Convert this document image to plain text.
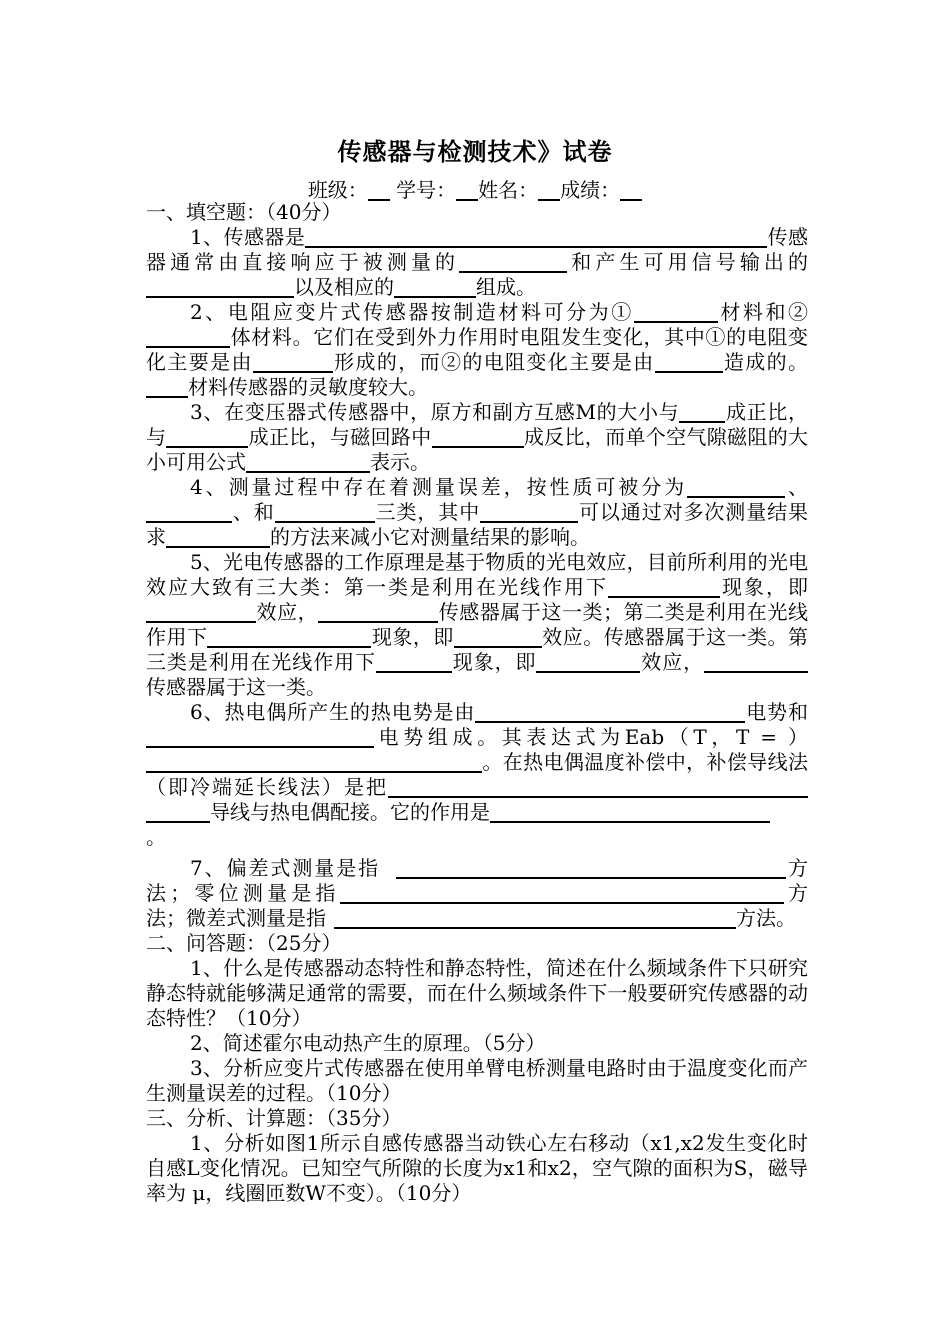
传感器与检测技术》试卷
班级： 学号： 姓名： 成绩：

一、填空题：（40分）

1、传感器是	传感器通常由直接响应于被测量的	和产生可用信号输出的以及相应的	组成。

2、电阻应变片式传感器按制造材料可分为①	材料和②体材料。它们在受到外力作用时电阻发生变化，其中①的电阻变化主要是由	形成的，而②的电阻变化主要是由	造成的。材料传感器的灵敏度较大。

3、在变压器式传感器中，原方和副方互感M的大小与 成正比，与	成正比，与磁回路中	成反比，而单个空气隙磁阻的大小可用公式	表示。

4、测量过程中存在着测量误差，按性质可被分为	、、和	三类，其中	可以通过对多次测量结果求	的方法来减小它对测量结果的影响。

5、光电传感器的工作原理是基于物质的光电效应，目前所利用的光电效应大致有三大类：第一类是利用在光线作用下	现象，即效应，	传感器属于这一类；第二类是利用在光线作用下	现象，即	效应。传感器属于这一类。第三类是利用在光线作用下	现象，即	效应，传感器属于这一类。

6、热电偶所产生的热电势是由	电势和电势组成。其表达式为Eab（T，T = ）。在热电偶温度补偿中，补偿导线法（即冷端延长线法）是把导线与热电偶配接。它的作用是
。

7、偏差式测量是指	方法；零位测量是指	方法；微差式测量是指	方法。

二、问答题：（25分）

1、什么是传感器动态特性和静态特性，简述在什么频域条件下只研究静态特就能够满足通常的需要，而在什么频域条件下一般要研究传感器的动态特性？（10分）

2、简述霍尔电动热产生的原理。（5分）

3、分析应变片式传感器在使用单臂电桥测量电路时由于温度变化而产生测量误差的过程。（10分）

三、分析、计算题：（35分）

1、分析如图1所示自感传感器当动铁心左右移动（x1,x2发生变化时自感L变化情况。已知空气所隙的长度为x1和x2，空气隙的面积为S，磁导率为 μ，线圈匝数W不变）。（10分）
